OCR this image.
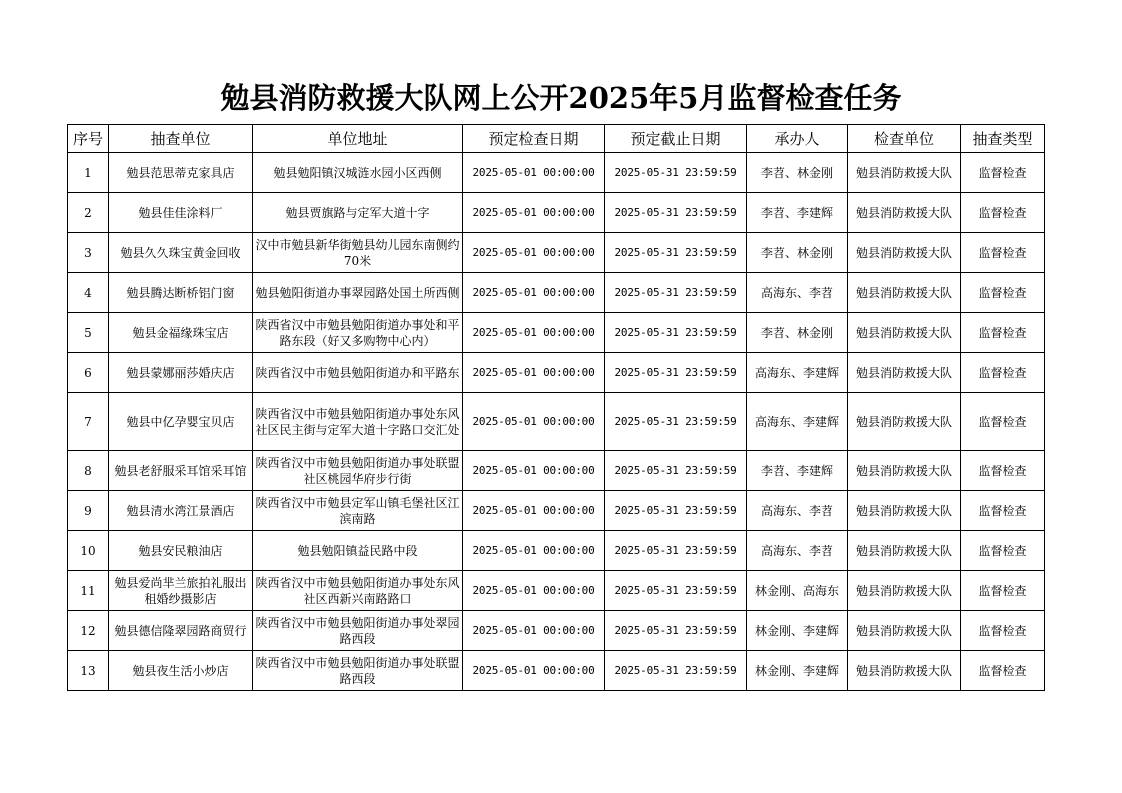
勉县消防救援大队网上公开2025年5月监督检查任务
序号	抽查单位	单位地址	预定检查日期	预定截止日期	承办人	检查单位	抽查类型
1	勉县范思蒂克家具店	勉县勉阳镇汉城涟水园小区西侧	2025-05-01 00:00:00	2025-05-31 23:59:59	李苕、林金刚	勉县消防救援大队	监督检查
2	勉县佳佳涂料厂	勉县贾旗路与定军大道十字	2025-05-01 00:00:00	2025-05-31 23:59:59	李苕、李建辉	勉县消防救援大队	监督检查
3	勉县久久珠宝黄金回收	汉中市勉县新华街勉县幼儿园东南侧约70米	2025-05-01 00:00:00	2025-05-31 23:59:59	李苕、林金刚	勉县消防救援大队	监督检查
4	勉县腾达断桥铝门窗	勉县勉阳街道办事翠园路处国土所西侧	2025-05-01 00:00:00	2025-05-31 23:59:59	高海东、李苕	勉县消防救援大队	监督检查
5	勉县金福缘珠宝店	陕西省汉中市勉县勉阳街道办事处和平路东段（好又多购物中心内）	2025-05-01 00:00:00	2025-05-31 23:59:59	李苕、林金刚	勉县消防救援大队	监督检查
6	勉县蒙娜丽莎婚庆店	陕西省汉中市勉县勉阳街道办和平路东	2025-05-01 00:00:00	2025-05-31 23:59:59	高海东、李建辉	勉县消防救援大队	监督检查
7	勉县中亿孕婴宝贝店	陕西省汉中市勉县勉阳街道办事处东风社区民主街与定军大道十字路口交汇处	2025-05-01 00:00:00	2025-05-31 23:59:59	高海东、李建辉	勉县消防救援大队	监督检查
8	勉县老舒服采耳馆采耳馆	陕西省汉中市勉县勉阳街道办事处联盟社区桃园华府步行街	2025-05-01 00:00:00	2025-05-31 23:59:59	李苕、李建辉	勉县消防救援大队	监督检查
9	勉县清水湾江景酒店	陕西省汉中市勉县定军山镇毛堡社区江滨南路	2025-05-01 00:00:00	2025-05-31 23:59:59	高海东、李苕	勉县消防救援大队	监督检查
10	勉县安民粮油店	勉县勉阳镇益民路中段	2025-05-01 00:00:00	2025-05-31 23:59:59	高海东、李苕	勉县消防救援大队	监督检查
11	勉县爱尚芈兰旅拍礼服出租婚纱摄影店	陕西省汉中市勉县勉阳街道办事处东风社区西新兴南路路口	2025-05-01 00:00:00	2025-05-31 23:59:59	林金刚、高海东	勉县消防救援大队	监督检查
12	勉县德信隆翠园路商贸行	陕西省汉中市勉县勉阳街道办事处翠园路西段	2025-05-01 00:00:00	2025-05-31 23:59:59	林金刚、李建辉	勉县消防救援大队	监督检查
13	勉县夜生活小炒店	陕西省汉中市勉县勉阳街道办事处联盟路西段	2025-05-01 00:00:00	2025-05-31 23:59:59	林金刚、李建辉	勉县消防救援大队	监督检查
